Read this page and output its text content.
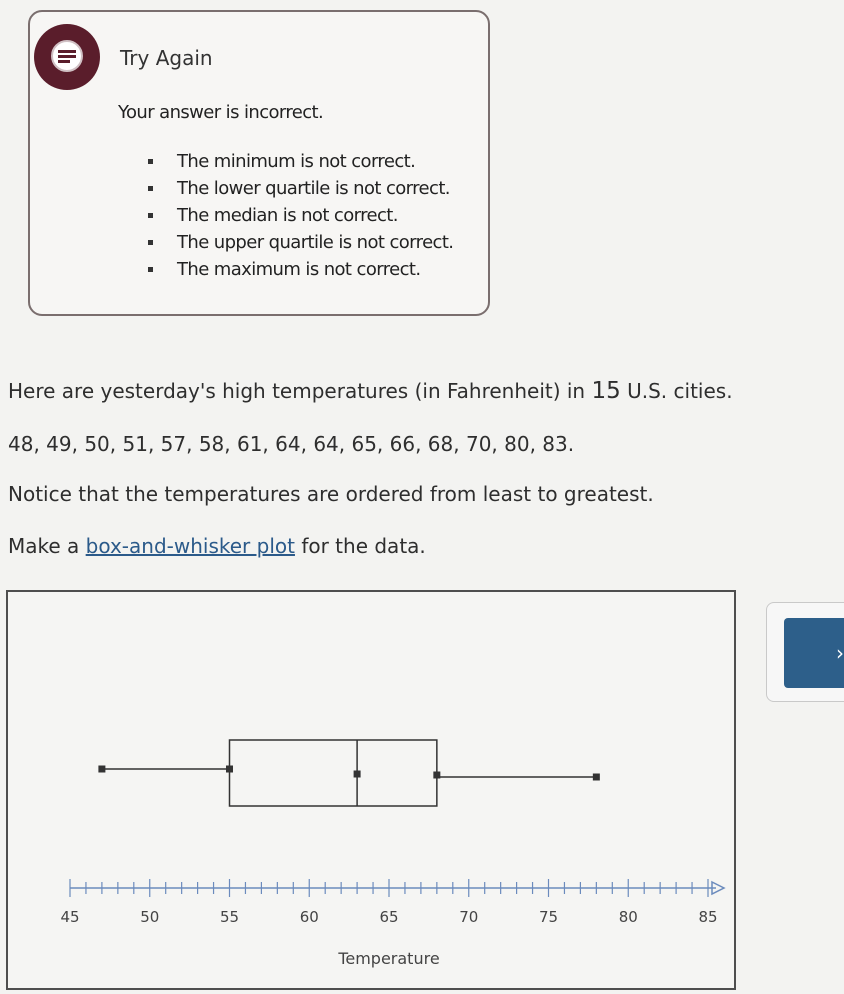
Try Again
Your answer is incorrect.
The minimum is not correct.
The lower quartile is not correct.
The median is not correct.
The upper quartile is not correct.
The maximum is not correct.
Here are yesterday's high temperatures (in Fahrenheit) in 15 U.S. cities.
48, 49, 50, 51, 57, 58, 61, 64, 64, 65, 66, 68, 70, 80, 83.
Notice that the temperatures are ordered from least to greatest.
Make a box-and-whisker plot for the data.
45	50	55	60	65	70	75	80	85
Temperature
›
